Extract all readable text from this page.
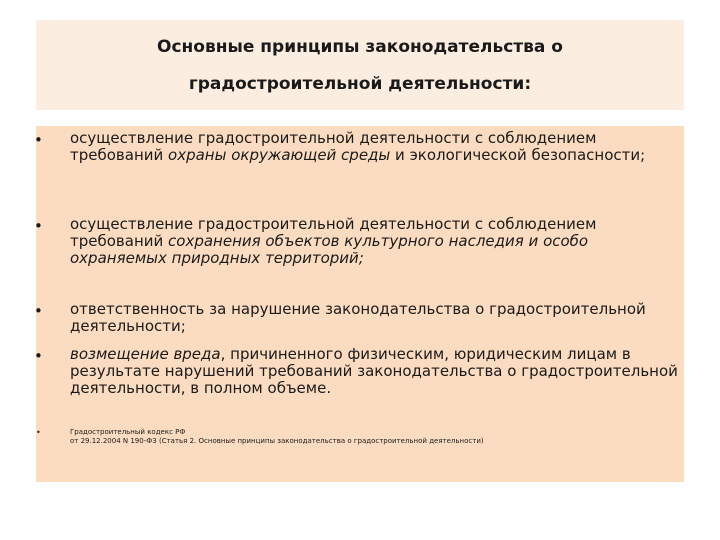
Основные принципы законодательства о
градостроительной деятельности:
• осуществление градостроительной деятельности с соблюдением требований охраны окружающей среды и экологической безопасности;
• осуществление градостроительной деятельности с соблюдением требований сохранения объектов культурного наследия и особо охраняемых природных территорий;
• ответственность за нарушение законодательства о градостроительной деятельности;
• возмещение вреда, причиненного физическим, юридическим лицам в результате нарушений требований законодательства о градостроительной деятельности, в полном объеме.
•	Градостроительный кодекс РФ
от 29.12.2004 N 190-ФЗ (Статья 2. Основные принципы законодательства о градостроительной деятельности)
